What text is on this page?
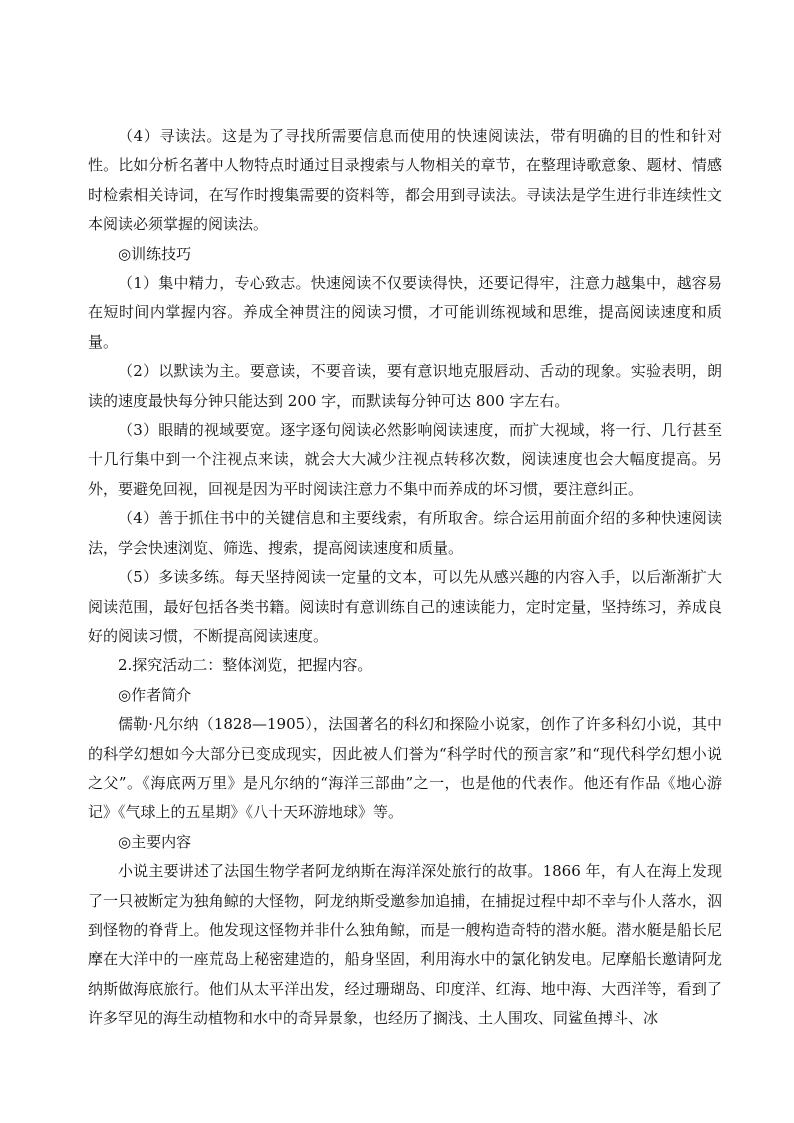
（4）寻读法。这是为了寻找所需要信息而使用的快速阅读法，带有明确的目的性和针对性。比如分析名著中人物特点时通过目录搜索与人物相关的章节，在整理诗歌意象、题材、情感时检索相关诗词，在写作时搜集需要的资料等，都会用到寻读法。寻读法是学生进行非连续性文本阅读必须掌握的阅读法。

◎训练技巧

（1）集中精力，专心致志。快速阅读不仅要读得快，还要记得牢，注意力越集中，越容易在短时间内掌握内容。养成全神贯注的阅读习惯，才可能训练视域和思维，提高阅读速度和质量。

（2）以默读为主。要意读，不要音读，要有意识地克服唇动、舌动的现象。实验表明，朗读的速度最快每分钟只能达到 200 字，而默读每分钟可达 800 字左右。

（3）眼睛的视域要宽。逐字逐句阅读必然影响阅读速度，而扩大视域，将一行、几行甚至十几行集中到一个注视点来读，就会大大减少注视点转移次数，阅读速度也会大幅度提高。另外，要避免回视，回视是因为平时阅读注意力不集中而养成的坏习惯，要注意纠正。

（4）善于抓住书中的关键信息和主要线索，有所取舍。综合运用前面介绍的多种快速阅读法，学会快速浏览、筛选、搜索，提高阅读速度和质量。

（5）多读多练。每天坚持阅读一定量的文本，可以先从感兴趣的内容入手，以后渐渐扩大阅读范围，最好包括各类书籍。阅读时有意训练自己的速读能力，定时定量，坚持练习，养成良好的阅读习惯，不断提高阅读速度。

2.探究活动二：整体浏览，把握内容。

◎作者简介

儒勒·凡尔纳（1828—1905），法国著名的科幻和探险小说家，创作了许多科幻小说，其中的科学幻想如今大部分已变成现实，因此被人们誉为“科学时代的预言家”和“现代科学幻想小说之父”。《海底两万里》是凡尔纳的“海洋三部曲”之一，也是他的代表作。他还有作品《地心游记》《气球上的五星期》《八十天环游地球》等。

◎主要内容

小说主要讲述了法国生物学者阿龙纳斯在海洋深处旅行的故事。1866 年，有人在海上发现了一只被断定为独角鲸的大怪物，阿龙纳斯受邀参加追捕，在捕捉过程中却不幸与仆人落水，泅到怪物的脊背上。他发现这怪物并非什么独角鲸，而是一艘构造奇特的潜水艇。潜水艇是船长尼摩在大洋中的一座荒岛上秘密建造的，船身坚固，利用海水中的氯化钠发电。尼摩船长邀请阿龙纳斯做海底旅行。他们从太平洋出发，经过珊瑚岛、印度洋、红海、地中海、大西洋等，看到了许多罕见的海生动植物和水中的奇异景象，也经历了搁浅、土人围攻、同鲨鱼搏斗、冰
